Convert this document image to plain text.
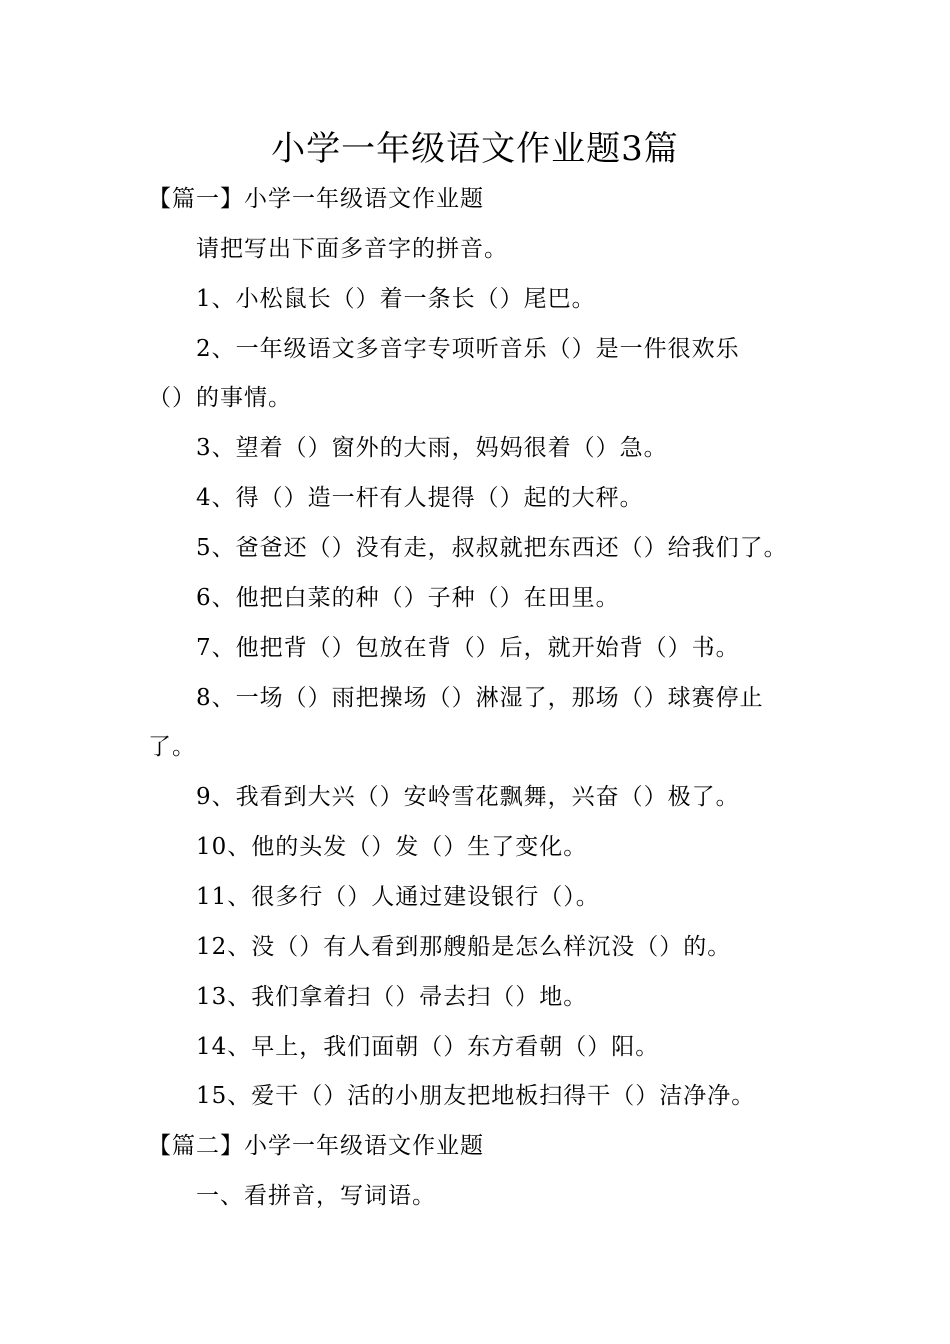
小学一年级语文作业题3篇
【篇一】小学一年级语文作业题
请把写出下面多音字的拼音。
1、小松鼠长（）着一条长（）尾巴。
2、一年级语文多音字专项听音乐（）是一件很欢乐
（）的事情。
3、望着（）窗外的大雨，妈妈很着（）急。
4、得（）造一杆有人提得（）起的大秤。
5、爸爸还（）没有走，叔叔就把东西还（）给我们了。
6、他把白菜的种（）子种（）在田里。
7、他把背（）包放在背（）后，就开始背（）书。
8、一场（）雨把操场（）淋湿了，那场（）球赛停止
了。
9、我看到大兴（）安岭雪花飘舞，兴奋（）极了。
10、他的头发（）发（）生了变化。
11、很多行（）人通过建设银行（）。
12、没（）有人看到那艘船是怎么样沉没（）的。
13、我们拿着扫（）帚去扫（）地。
14、早上，我们面朝（）东方看朝（）阳。
15、爱干（）活的小朋友把地板扫得干（）洁净净。
【篇二】小学一年级语文作业题
一、看拼音，写词语。
